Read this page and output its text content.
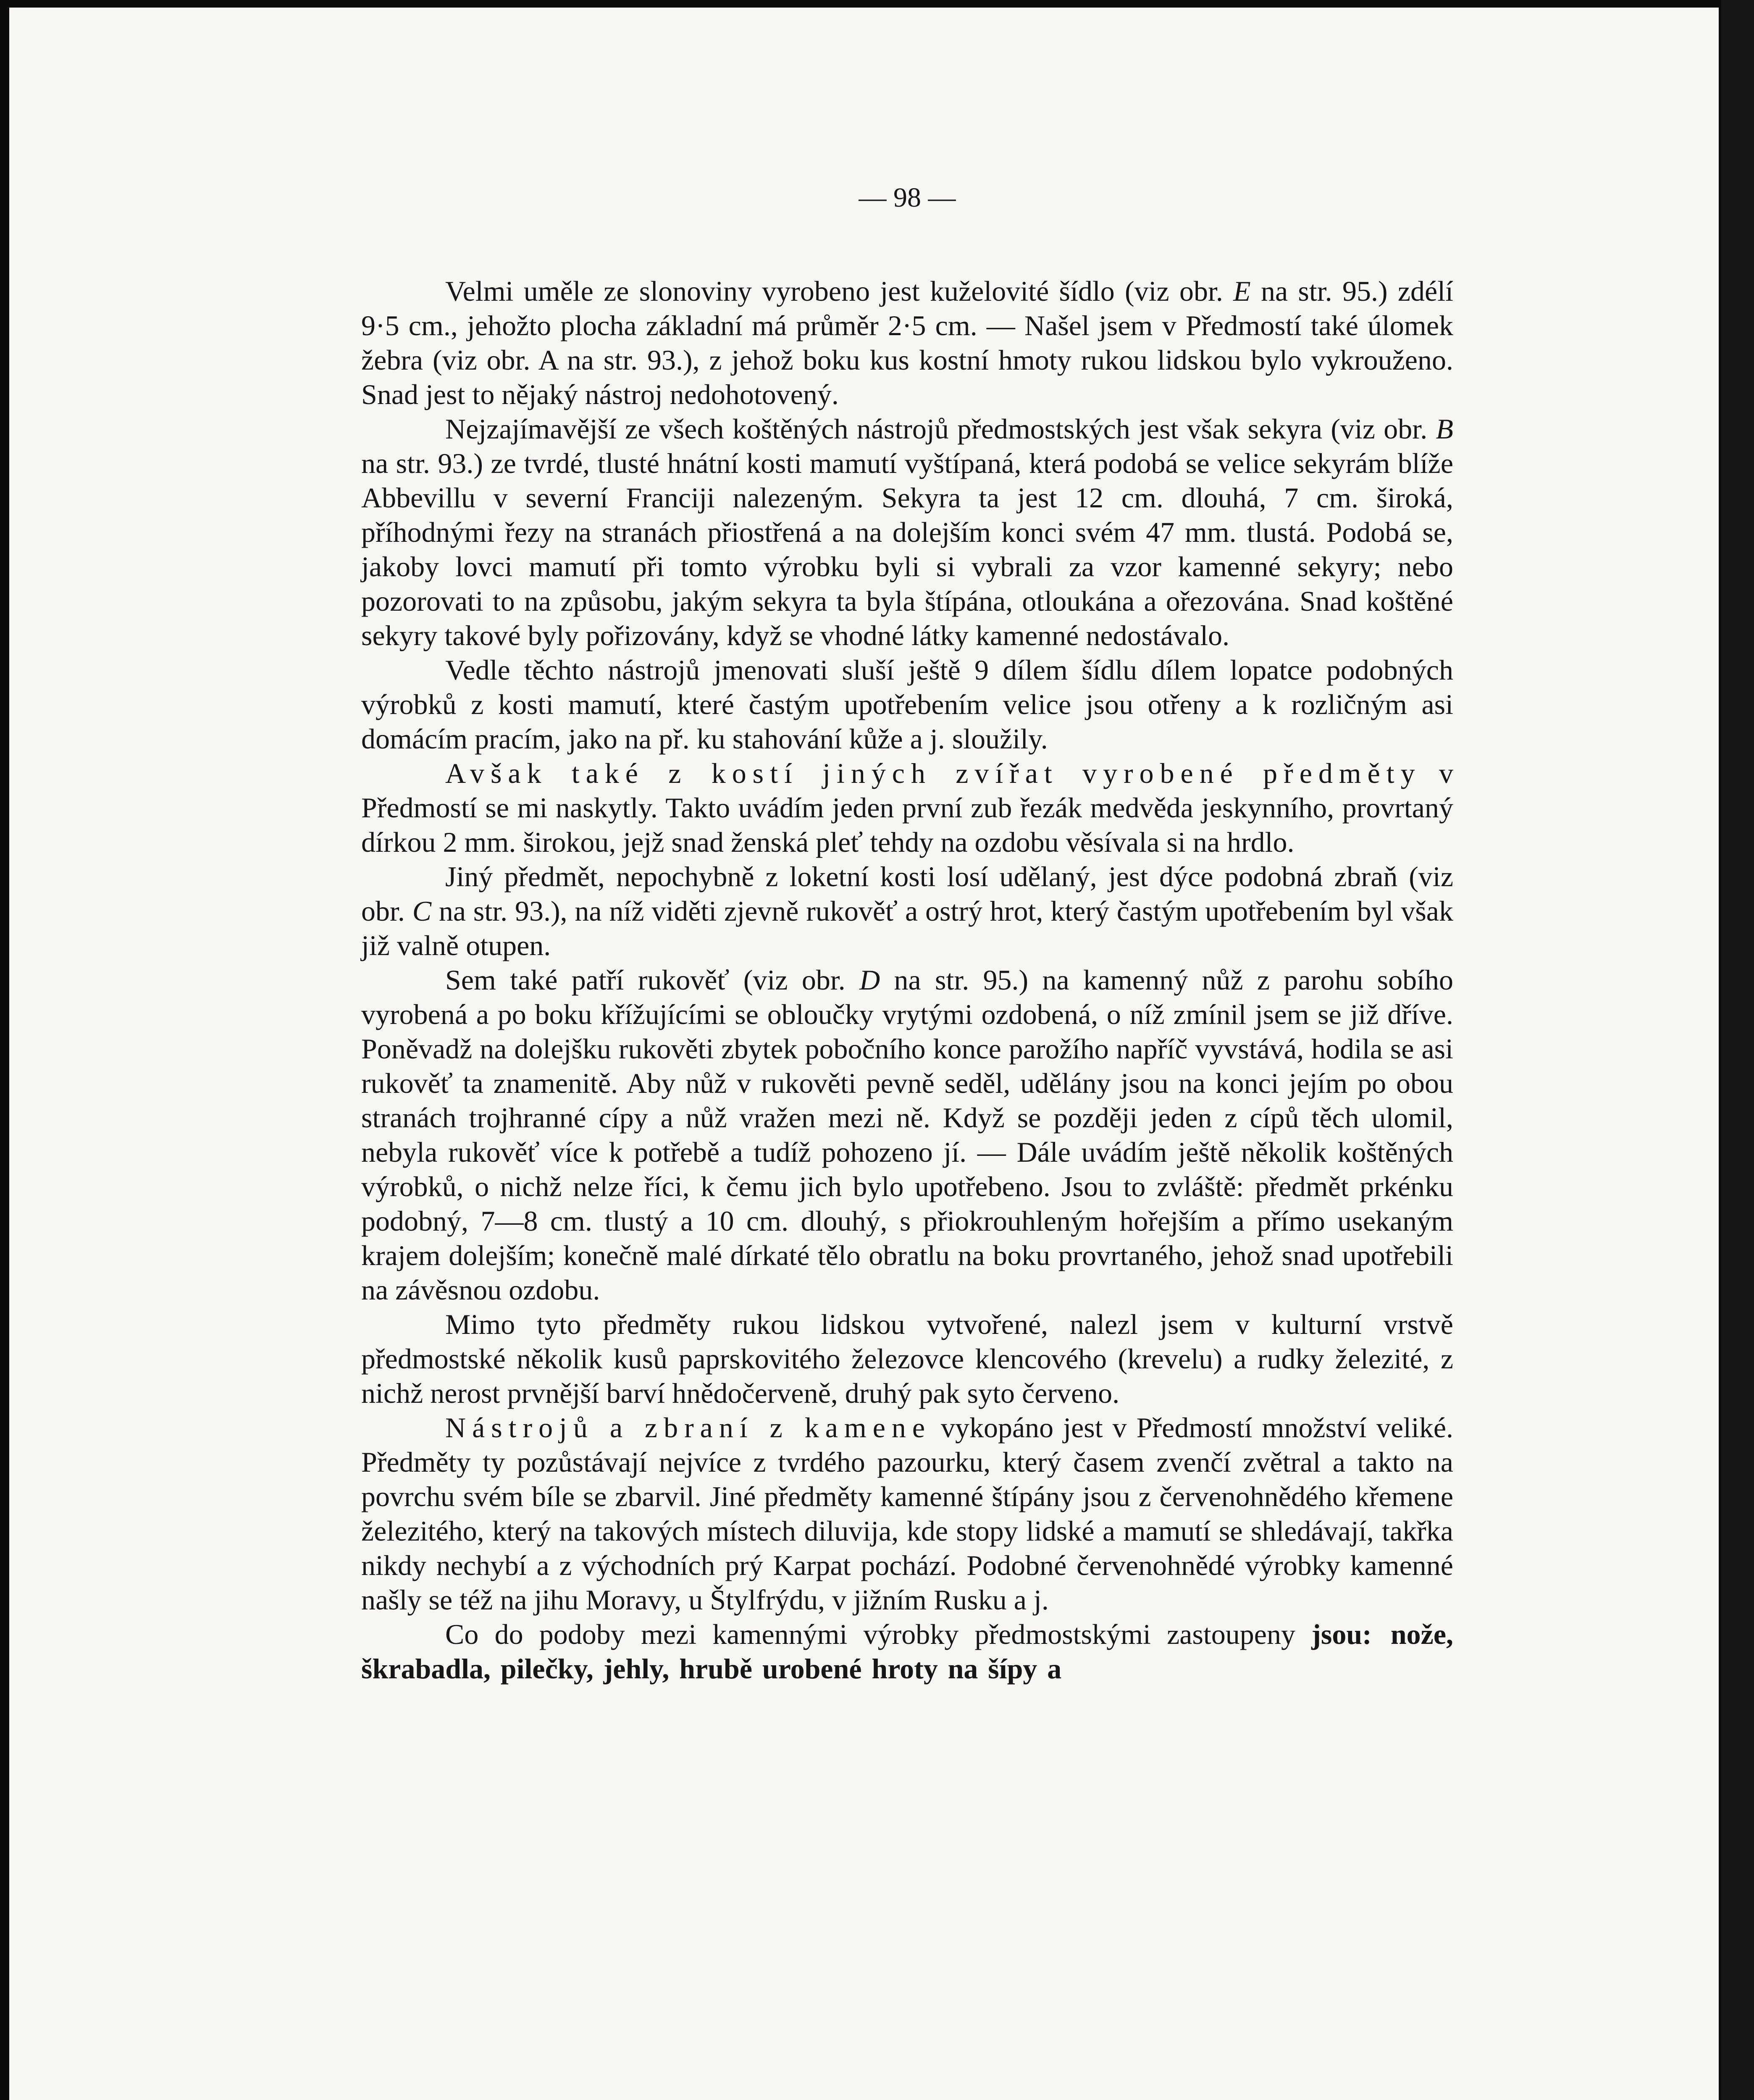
— 98 —

Velmi uměle ze slonoviny vyrobeno jest kuželovité šídlo (viz obr. E na str. 95.) zdélí 9·5 cm., jehožto plocha základní má průměr 2·5 cm. — Našel jsem v Předmostí také úlomek žebra (viz obr. A na str. 93.), z jehož boku kus kostní hmoty rukou lidskou bylo vykrouženo. Snad jest to nějaký nástroj nedohotovený.

Nejzajímavější ze všech koštěných nástrojů předmostských jest však sekyra (viz obr. B na str. 93.) ze tvrdé, tlusté hnátní kosti mamutí vyštípaná, která podobá se velice sekyrám blíže Abbevillu v severní Franciji nalezeným. Sekyra ta jest 12 cm. dlouhá, 7 cm. široká, příhodnými řezy na stranách přiostřená a na dolejším konci svém 47 mm. tlustá. Podobá se, jakoby lovci mamutí při tomto výrobku byli si vybrali za vzor kamenné sekyry; nebo pozorovati to na způsobu, jakým sekyra ta byla štípána, otloukána a ořezována. Snad koštěné sekyry takové byly pořizovány, když se vhodné látky kamenné nedostávalo.

Vedle těchto nástrojů jmenovati sluší ještě 9 dílem šídlu dílem lopatce podobných výrobků z kosti mamutí, které častým upotřebením velice jsou otřeny a k rozličným asi domácím pracím, jako na př. ku stahování kůže a j. sloužily.

Avšak také z kostí jiných zvířat vyrobené předměty v Předmostí se mi naskytly. Takto uvádím jeden první zub řezák medvěda jeskynního, provrtaný dírkou 2 mm. širokou, jejž snad ženská pleť tehdy na ozdobu věsívala si na hrdlo.

Jiný předmět, nepochybně z loketní kosti losí udělaný, jest dýce podobná zbraň (viz obr. C na str. 93.), na níž viděti zjevně rukověť a ostrý hrot, který častým upotřebením byl však již valně otupen.

Sem také patří rukověť (viz obr. D na str. 95.) na kamenný nůž z parohu sobího vyrobená a po boku křížujícími se obloučky vrytými ozdobená, o níž zmínil jsem se již dříve. Poněvadž na dolejšku rukověti zbytek pobočního konce parožího napříč vyvstává, hodila se asi rukověť ta znamenitě. Aby nůž v rukověti pevně seděl, udělány jsou na konci jejím po obou stranách trojhranné cípy a nůž vražen mezi ně. Když se později jeden z cípů těch ulomil, nebyla rukověť více k potřebě a tudíž pohozeno jí. — Dále uvádím ještě několik koštěných výrobků, o nichž nelze říci, k čemu jich bylo upotřebeno. Jsou to zvláště: předmět prkénku podobný, 7—8 cm. tlustý a 10 cm. dlouhý, s přiokrouhleným hořejším a přímo usekaným krajem dolejším; konečně malé dírkaté tělo obratlu na boku provrtaného, jehož snad upotřebili na závěsnou ozdobu.

Mimo tyto předměty rukou lidskou vytvořené, nalezl jsem v kulturní vrstvě předmostské několik kusů paprskovitého železovce klencového (krevelu) a rudky železité, z nichž nerost prvnější barví hnědočerveně, druhý pak syto červeno.

Nástrojů a zbraní z kamene vykopáno jest v Předmostí množství veliké. Předměty ty pozůstávají nejvíce z tvrdého pazourku, který časem zvenčí zvětral a takto na povrchu svém bíle se zbarvil. Jiné předměty kamenné štípány jsou z červenohnědého křemene železitého, který na takových místech diluvija, kde stopy lidské a mamutí se shledávají, takřka nikdy nechybí a z východních prý Karpat pochází. Podobné červenohnědé výrobky kamenné našly se též na jihu Moravy, u Štylfrýdu, v jižním Rusku a j.

Co do podoby mezi kamennými výrobky předmostskými zastoupeny jsou: nože, škrabadla, pilečky, jehly, hrubě urobené hroty na šípy a
